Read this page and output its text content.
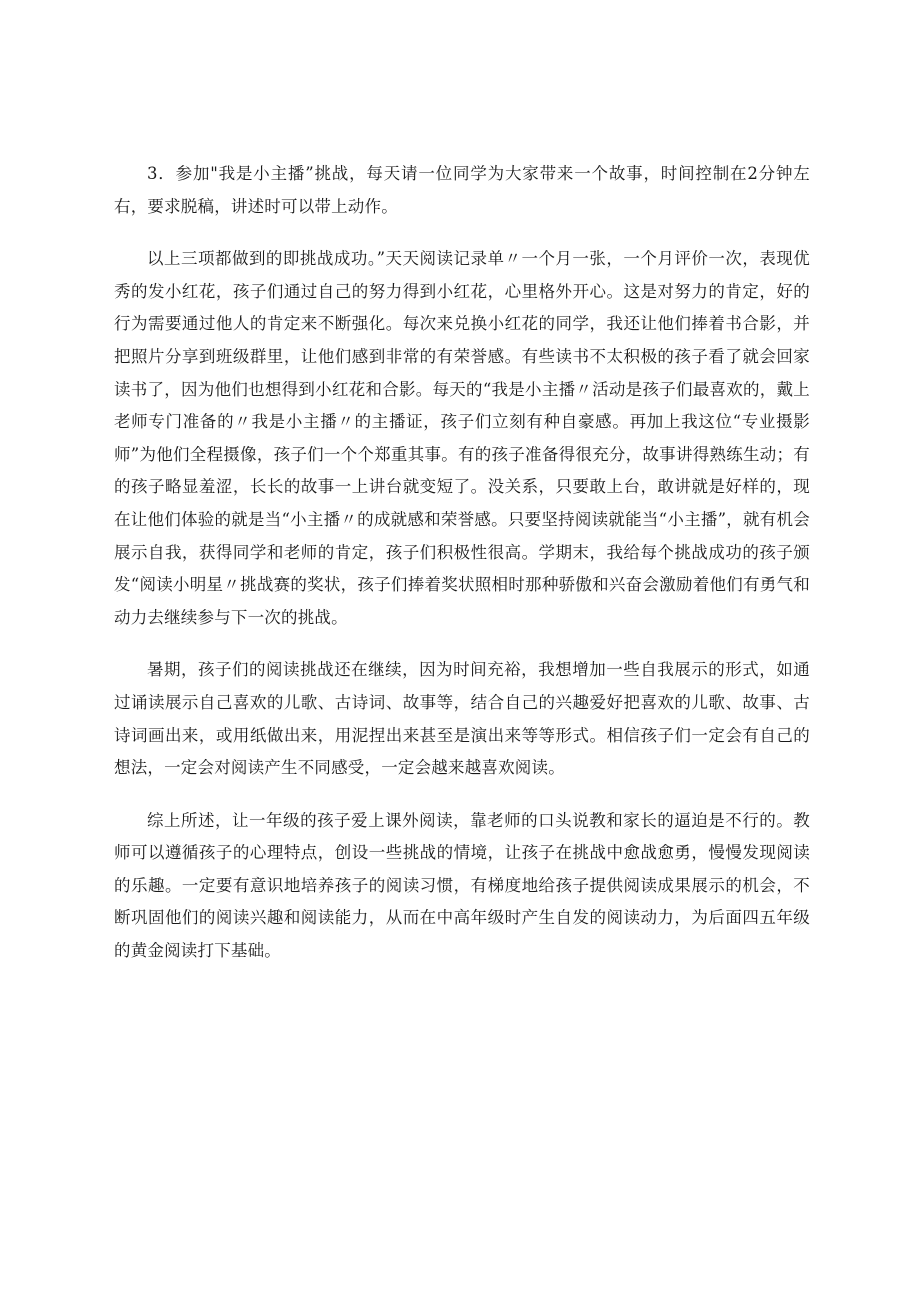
3．参加"我是小主播”挑战，每天请一位同学为大家带来一个故事，时间控制在2分钟左右，要求脱稿，讲述时可以带上动作。

以上三项都做到的即挑战成功。”天天阅读记录单〃一个月一张，一个月评价一次，表现优秀的发小红花，孩子们通过自己的努力得到小红花，心里格外开心。这是对努力的肯定，好的行为需要通过他人的肯定来不断强化。每次来兑换小红花的同学，我还让他们捧着书合影，并把照片分享到班级群里，让他们感到非常的有荣誉感。有些读书不太积极的孩子看了就会回家读书了，因为他们也想得到小红花和合影。每天的“我是小主播〃活动是孩子们最喜欢的，戴上老师专门准备的〃我是小主播〃的主播证，孩子们立刻有种自豪感。再加上我这位“专业摄影师”为他们全程摄像，孩子们一个个郑重其事。有的孩子准备得很充分，故事讲得熟练生动；有的孩子略显羞涩，长长的故事一上讲台就变短了。没关系，只要敢上台，敢讲就是好样的，现在让他们体验的就是当“小主播〃的成就感和荣誉感。只要坚持阅读就能当“小主播”，就有机会展示自我，获得同学和老师的肯定，孩子们积极性很高。学期末，我给每个挑战成功的孩子颁发“阅读小明星〃挑战赛的奖状，孩子们捧着奖状照相时那种骄傲和兴奋会激励着他们有勇气和动力去继续参与下一次的挑战。

暑期，孩子们的阅读挑战还在继续，因为时间充裕，我想增加一些自我展示的形式，如通过诵读展示自己喜欢的儿歌、古诗词、故事等，结合自己的兴趣爱好把喜欢的儿歌、故事、古诗词画出来，或用纸做出来，用泥捏出来甚至是演出来等等形式。相信孩子们一定会有自己的想法，一定会对阅读产生不同感受，一定会越来越喜欢阅读。

综上所述，让一年级的孩子爱上课外阅读，靠老师的口头说教和家长的逼迫是不行的。教师可以遵循孩子的心理特点，创设一些挑战的情境，让孩子在挑战中愈战愈勇，慢慢发现阅读的乐趣。一定要有意识地培养孩子的阅读习惯，有梯度地给孩子提供阅读成果展示的机会，不断巩固他们的阅读兴趣和阅读能力，从而在中高年级时产生自发的阅读动力，为后面四五年级的黄金阅读打下基础。
